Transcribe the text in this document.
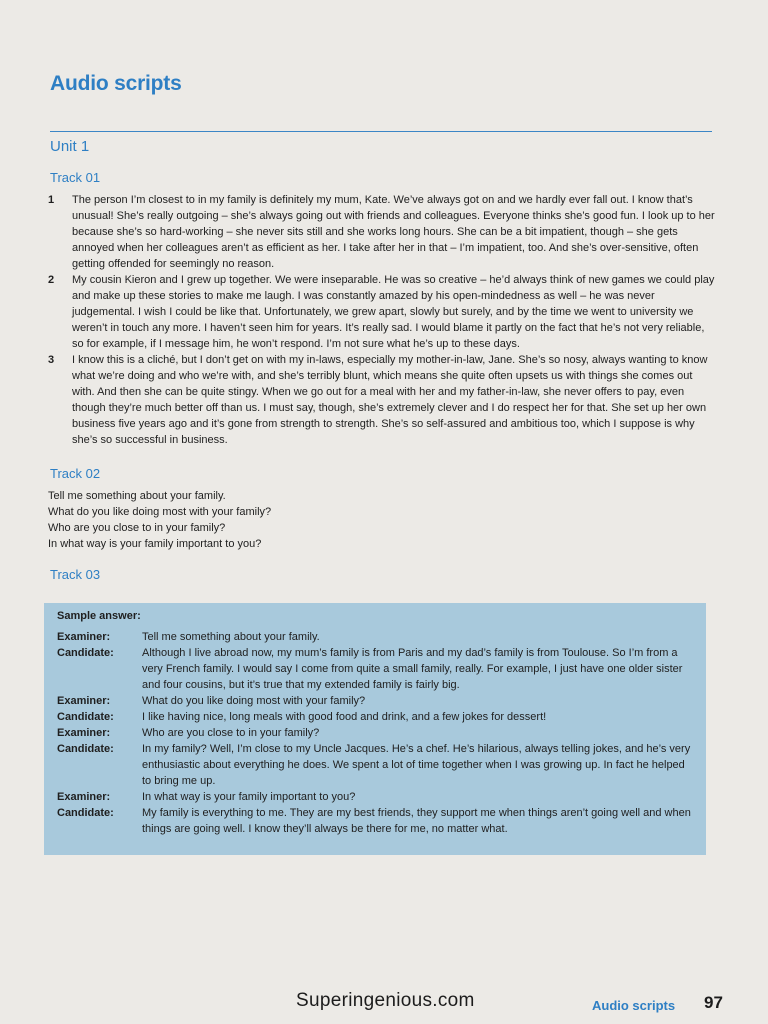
Audio scripts
Unit 1
Track 01
1	The person I’m closest to in my family is definitely my mum, Kate. We’ve always got on and we hardly ever fall out. I know that’s unusual! She’s really outgoing – she’s always going out with friends and colleagues. Everyone thinks she’s good fun. I look up to her because she’s so hard-working – she never sits still and she works long hours. She can be a bit impatient, though – she gets annoyed when her colleagues aren’t as efficient as her. I take after her in that – I’m impatient, too. And she’s over-sensitive, often getting offended for seemingly no reason.
2	My cousin Kieron and I grew up together. We were inseparable. He was so creative – he’d always think of new games we could play and make up these stories to make me laugh. I was constantly amazed by his open-mindedness as well – he was never judgemental. I wish I could be like that. Unfortunately, we grew apart, slowly but surely, and by the time we went to university we weren’t in touch any more. I haven’t seen him for years. It’s really sad. I would blame it partly on the fact that he’s not very reliable, so for example, if I message him, he won’t respond. I’m not sure what he’s up to these days.
3	I know this is a cliché, but I don’t get on with my in-laws, especially my mother-in-law, Jane. She’s so nosy, always wanting to know what we’re doing and who we’re with, and she’s terribly blunt, which means she quite often upsets us with things she comes out with. And then she can be quite stingy. When we go out for a meal with her and my father-in-law, she never offers to pay, even though they’re much better off than us. I must say, though, she’s extremely clever and I do respect her for that. She set up her own business five years ago and it’s gone from strength to strength. She’s so self-assured and ambitious too, which I suppose is why she’s so successful in business.
Track 02
Tell me something about your family.
What do you like doing most with your family?
Who are you close to in your family?
In what way is your family important to you?
Track 03
Sample answer:
Examiner:	Tell me something about your family.
Candidate:	Although I live abroad now, my mum’s family is from Paris and my dad’s family is from Toulouse. So I’m from a very French family. I would say I come from quite a small family, really. For example, I just have one older sister and four cousins, but it’s true that my extended family is fairly big.
Examiner:	What do you like doing most with your family?
Candidate:	I like having nice, long meals with good food and drink, and a few jokes for dessert!
Examiner:	Who are you close to in your family?
Candidate:	In my family? Well, I’m close to my Uncle Jacques. He’s a chef. He’s hilarious, always telling jokes, and he’s very enthusiastic about everything he does. We spent a lot of time together when I was growing up. In fact he helped to bring me up.
Examiner:	In what way is your family important to you?
Candidate:	My family is everything to me. They are my best friends, they support me when things aren’t going well and when things are going well. I know they’ll always be there for me, no matter what.
Superingenious.com	Audio scripts 97
